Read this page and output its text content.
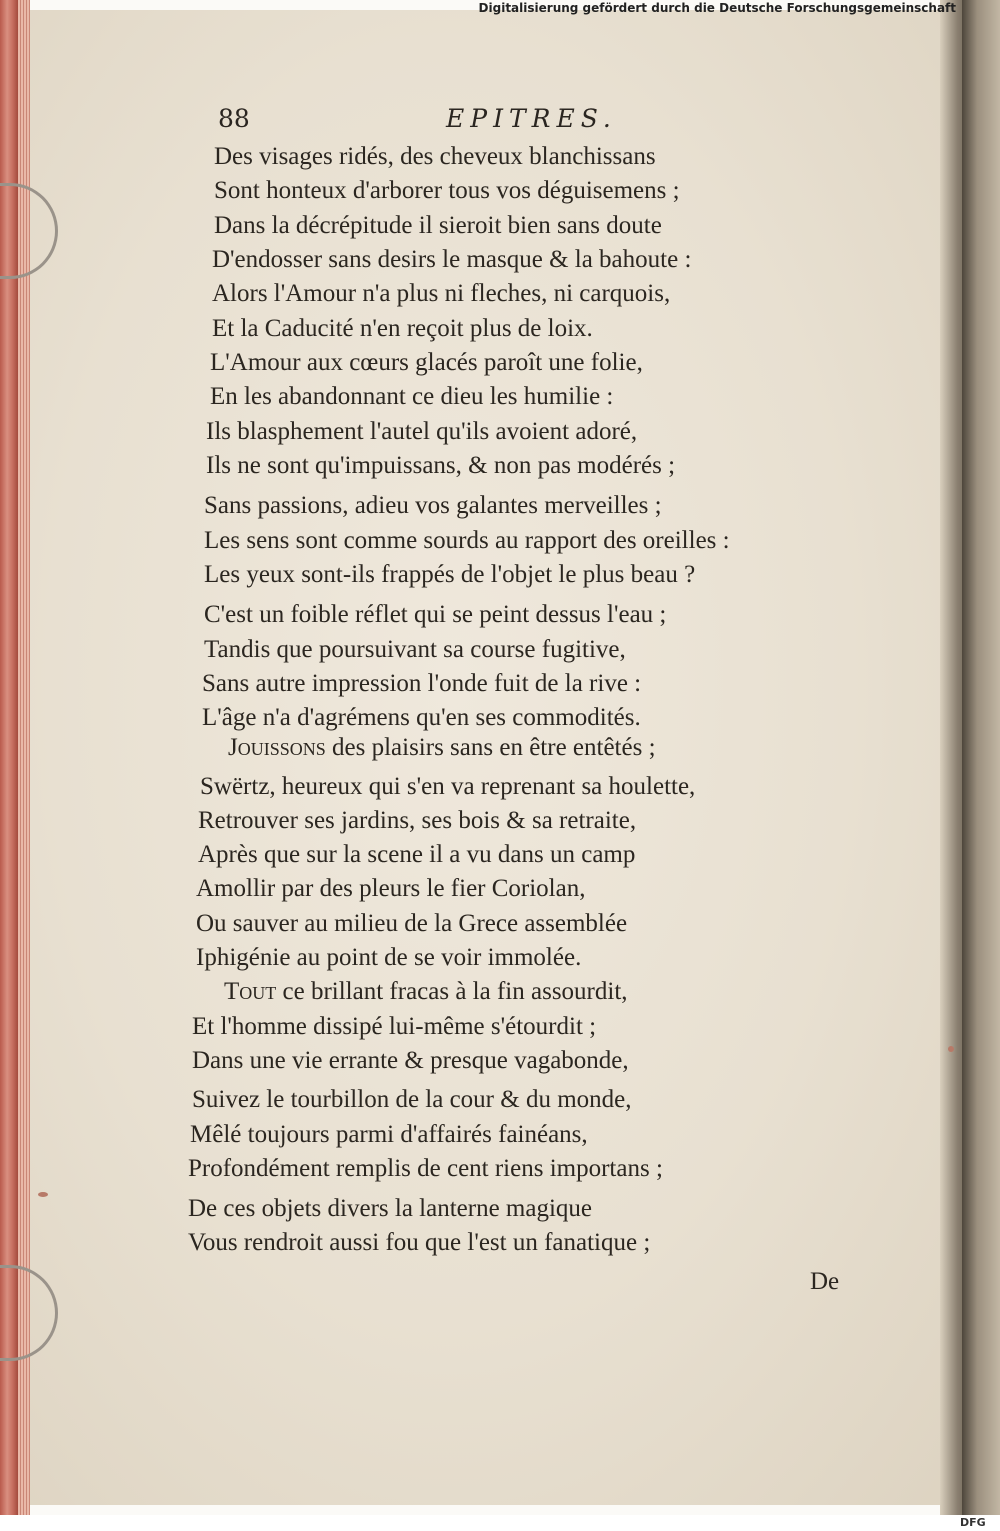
88	EPITRES.
Des visages ridés, des cheveux blanchissans
Sont honteux d'arborer tous vos déguisemens ;
Dans la décrépitude il sieroit bien sans doute
D'endosser sans desirs le masque & la bahoute :
Alors l'Amour n'a plus ni fleches, ni carquois,
Et la Caducité n'en reçoit plus de loix.
L'Amour aux cœurs glacés paroît une folie,
En les abandonnant ce dieu les humilie :
Ils blasphement l'autel qu'ils avoient adoré,
Ils ne sont qu'impuissans, & non pas modérés ;
Sans passions, adieu vos galantes merveilles ;
Les sens sont comme sourds au rapport des oreilles :
Les yeux sont-ils frappés de l'objet le plus beau ?
C'est un foible réflet qui se peint dessus l'eau ;
Tandis que poursuivant sa course fugitive,
Sans autre impression l'onde fuit de la rive :
L'âge n'a d'agrémens qu'en ses commodités.
Jouissons des plaisirs sans en être entêtés ;
Swërtz, heureux qui s'en va reprenant sa houlette,
Retrouver ses jardins, ses bois & sa retraite,
Après que sur la scene il a vu dans un camp
Amollir par des pleurs le fier Coriolan,
Ou sauver au milieu de la Grece assemblée
Iphigénie au point de se voir immolée.
Tout ce brillant fracas à la fin assourdit,
Et l'homme dissipé lui-même s'étourdit ;
Dans une vie errante & presque vagabonde,
Suivez le tourbillon de la cour & du monde,
Mêlé toujours parmi d'affairés fainéans,
Profondément remplis de cent riens importans ;
De ces objets divers la lanterne magique
Vous rendroit aussi fou que l'est un fanatique ;
De
Digitalisierung gefördert durch die Deutsche Forschungsgemeinschaft
DFG
